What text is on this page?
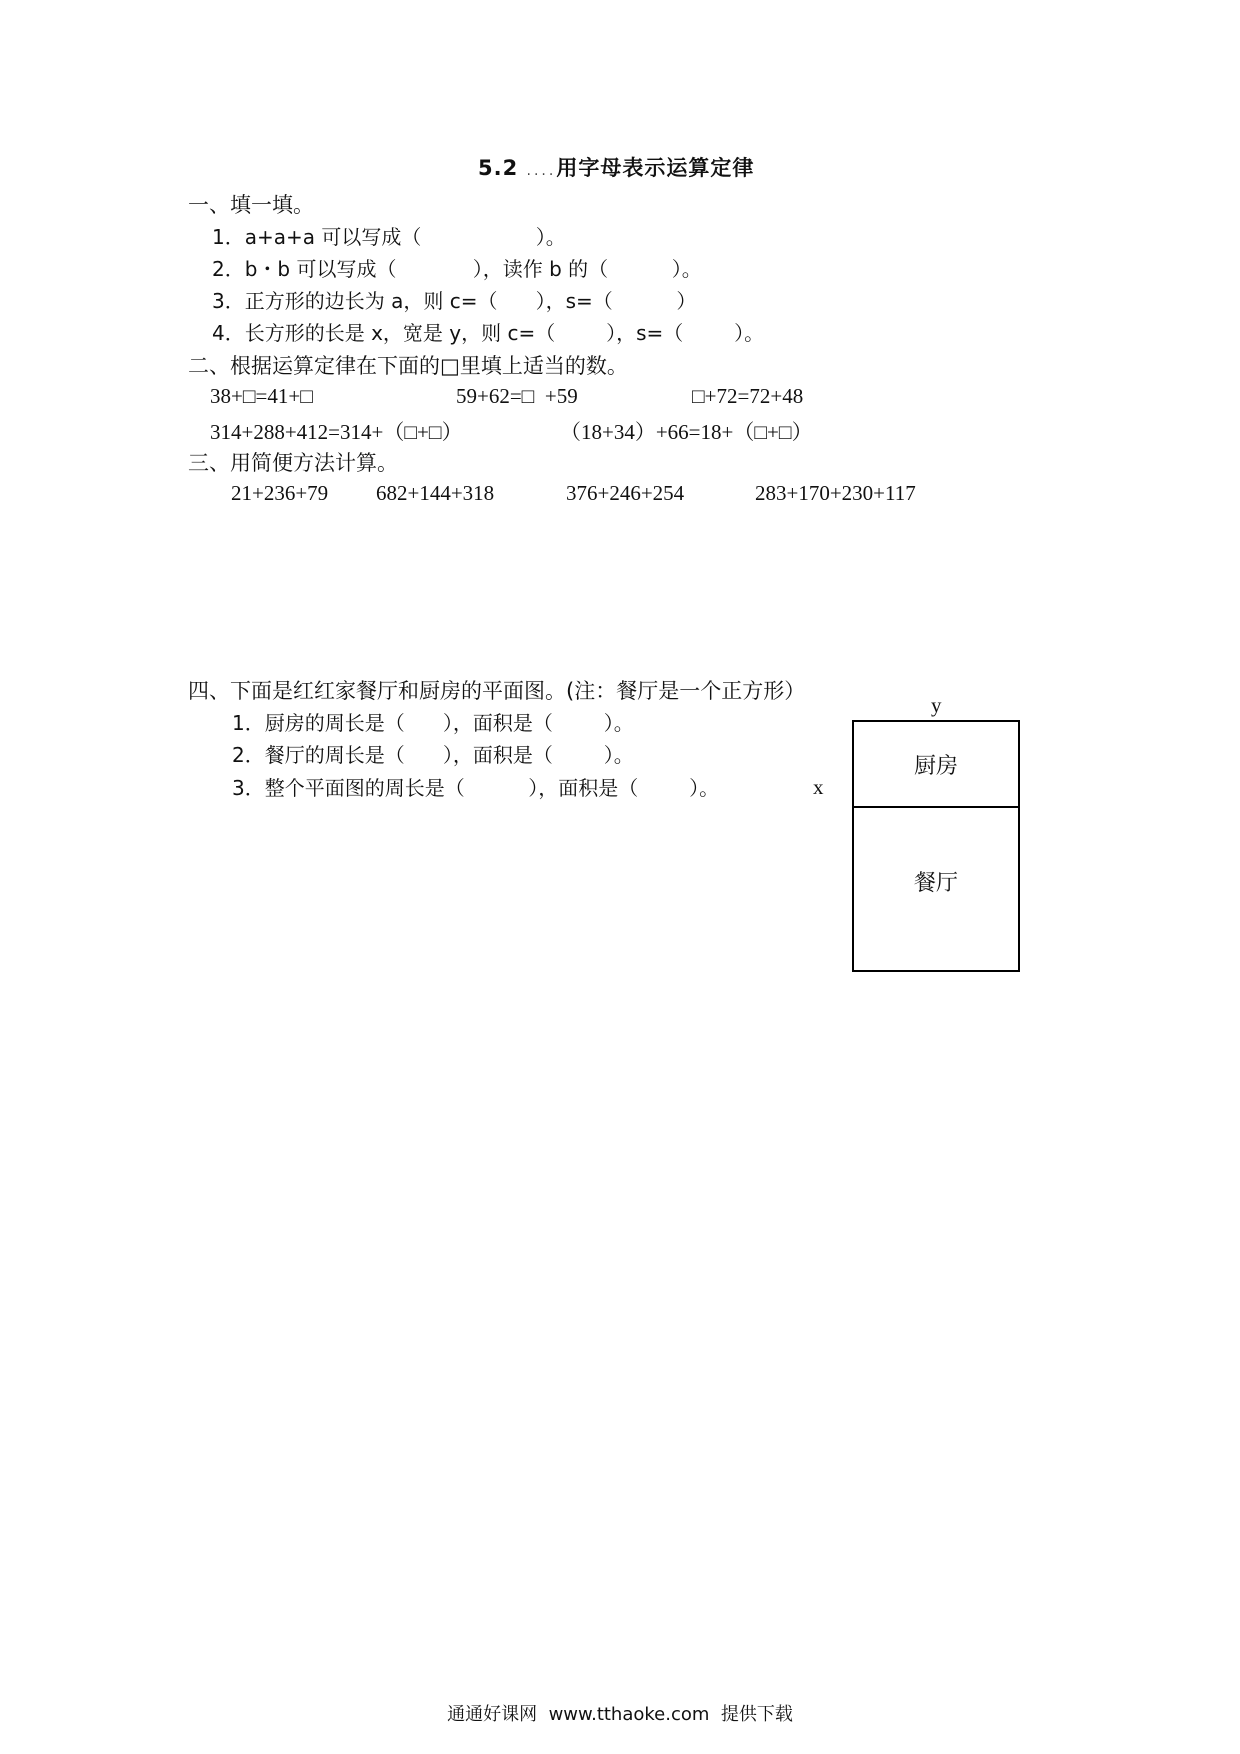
5.2 ....用字母表示运算定律
一、填一填。
1．a+a+a 可以写成（                  ）。
2．b・b 可以写成（            ），读作 b 的（          ）。
3．正方形的边长为 a，则 c=（      ），s=（          ）
4．长方形的长是 x，宽是 y，则 c=（        ），s=（        ）。
二、根据运算定律在下面的□里填上适当的数。
38+□=41+□	59+62=□  +59	□+72=72+48
314+288+412=314+（□+□）	（18+34）+66=18+（□+□）
三、用简便方法计算。
21+236+79 682+144+318	376+246+254	283+170+230+117
四、下面是红红家餐厅和厨房的平面图。(注：餐厅是一个正方形）
1．厨房的周长是（      ），面积是（        ）。
2．餐厅的周长是（      ），面积是（        ）。
3．整个平面图的周长是（          ），面积是（        ）。
y
x
厨房
餐厅
通通好课网  www.tthaoke.com  提供下载
